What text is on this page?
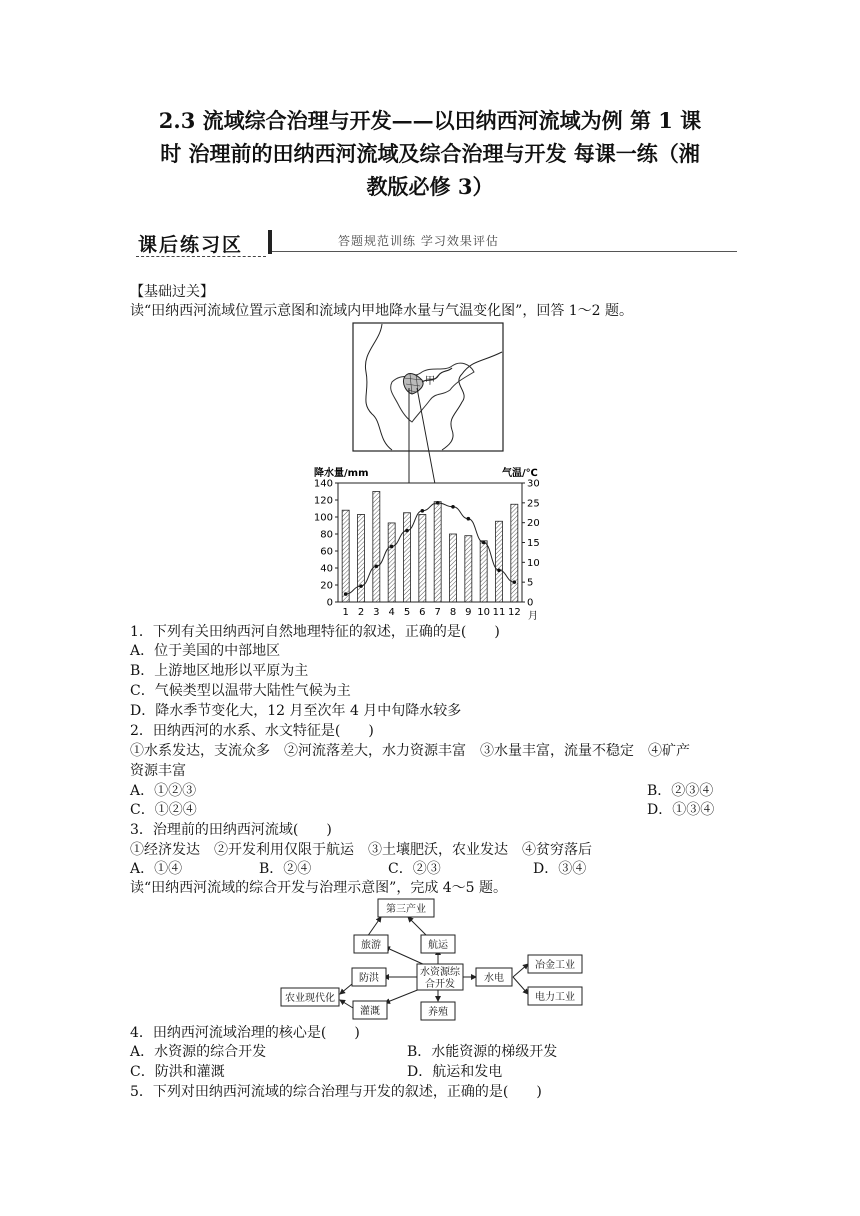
2.3 流域综合治理与开发——以田纳西河流域为例 第 1 课
时 治理前的田纳西河流域及综合治理与开发 每课一练（湘
教版必修 3）
课后练习区	答题规范训练 学习效果评估
【基础过关】
读“田纳西河流域位置示意图和流域内甲地降水量与气温变化图”，回答 1～2 题。
甲
降水量/mm	气温/℃
0
20
40
60
80
100
120
140
0
5
10
15
20
25
30
1 2 3 4 5 6 7 8 9 10 11 12 月
1．下列有关田纳西河自然地理特征的叙述，正确的是(　　)
A．位于美国的中部地区
B．上游地区地形以平原为主
C．气候类型以温带大陆性气候为主
D．降水季节变化大，12 月至次年 4 月中旬降水较多
2．田纳西河的水系、水文特征是(　　)
①水系发达，支流众多　②河流落差大，水力资源丰富　③水量丰富，流量不稳定　④矿产
资源丰富
A．①②③	B．②③④
C．①②④	D．①③④
3．治理前的田纳西河流域(　　)
①经济发达　②开发利用仅限于航运　③土壤肥沃，农业发达　④贫穷落后
A．①④	B．②④	C．②③	D．③④
读“田纳西河流域的综合开发与治理示意图”，完成 4～5 题。
第三产业
旅游	航运
防洪
水资源综
合开发
水电
农业现代化
灌溉	养殖
冶金工业
电力工业
4．田纳西河流域治理的核心是(　　)
A．水资源的综合开发	B．水能资源的梯级开发
C．防洪和灌溉	D．航运和发电
5．下列对田纳西河流域的综合治理与开发的叙述，正确的是(　　)
